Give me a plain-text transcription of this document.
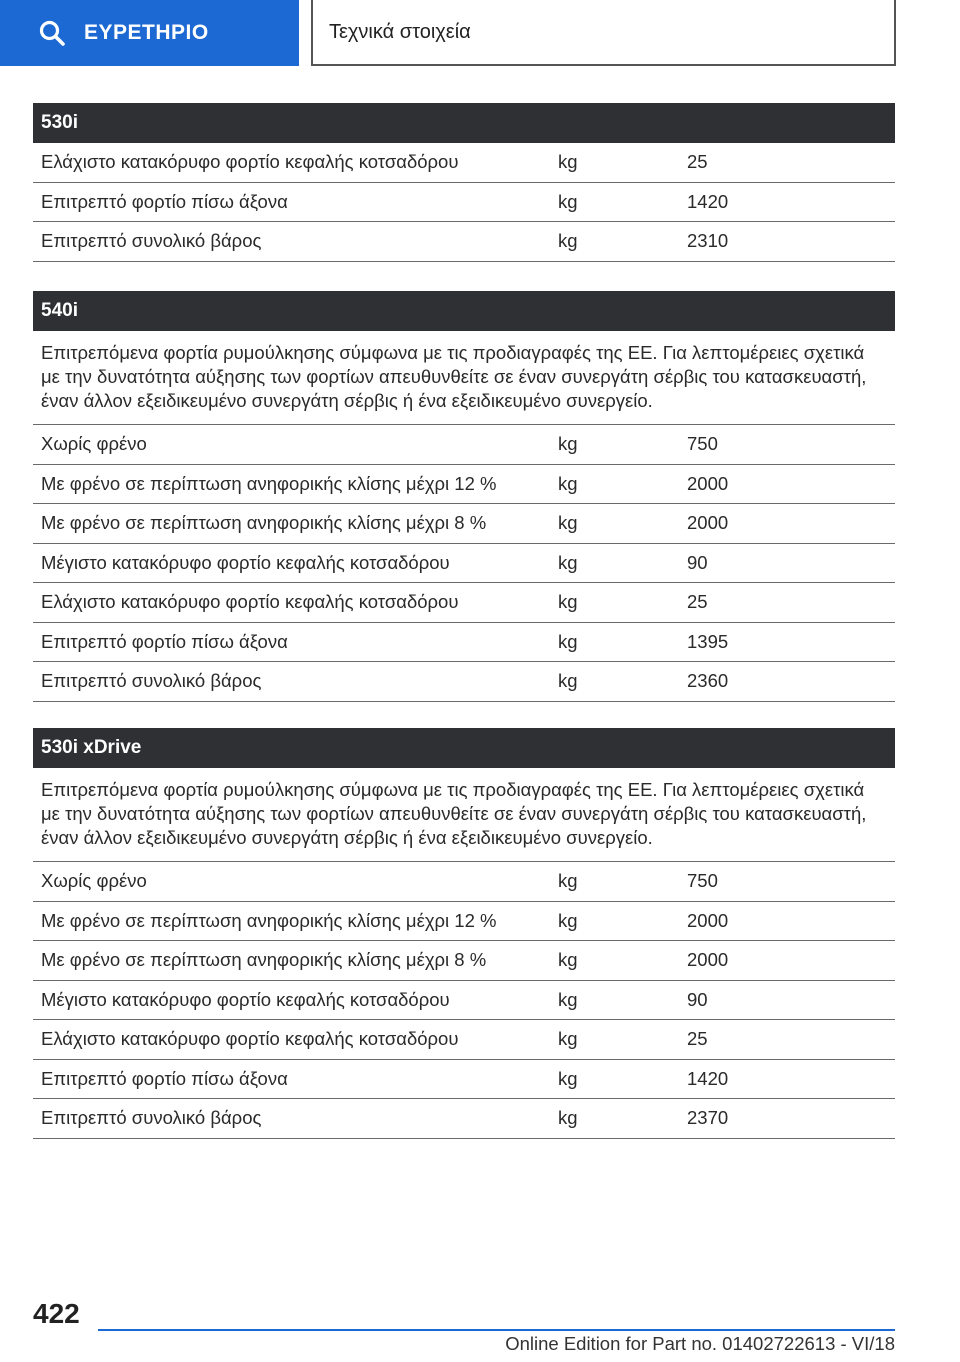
ΕΥΡΕΤΗΡΙΟ	Τεχνικά στοιχεία
530i
Ελάχιστο κατακόρυφο φορτίο κεφαλής κοτσαδόρου	kg	25
Επιτρεπτό φορτίο πίσω άξονα	kg	1420
Επιτρεπτό συνολικό βάρος	kg	2310
540i
Επιτρεπόμενα φορτία ρυμούλκησης σύμφωνα με τις προδιαγραφές της ΕΕ. Για λεπτομέρειες σχετικά με την δυνατότητα αύξησης των φορτίων απευθυνθείτε σε έναν συνεργάτη σέρβις του κατασκευαστή, έναν άλλον εξειδικευμένο συνεργάτη σέρβις ή ένα εξειδικευμένο συνεργείο.
Χωρίς φρένο	kg	750
Με φρένο σε περίπτωση ανηφορικής κλίσης μέχρι 12 %	kg	2000
Με φρένο σε περίπτωση ανηφορικής κλίσης μέχρι 8 %	kg	2000
Μέγιστο κατακόρυφο φορτίο κεφαλής κοτσαδόρου	kg	90
Ελάχιστο κατακόρυφο φορτίο κεφαλής κοτσαδόρου	kg	25
Επιτρεπτό φορτίο πίσω άξονα	kg	1395
Επιτρεπτό συνολικό βάρος	kg	2360
530i xDrive
Επιτρεπόμενα φορτία ρυμούλκησης σύμφωνα με τις προδιαγραφές της ΕΕ. Για λεπτομέρειες σχετικά με την δυνατότητα αύξησης των φορτίων απευθυνθείτε σε έναν συνεργάτη σέρβις του κατασκευαστή, έναν άλλον εξειδικευμένο συνεργάτη σέρβις ή ένα εξειδικευμένο συνεργείο.
Χωρίς φρένο	kg	750
Με φρένο σε περίπτωση ανηφορικής κλίσης μέχρι 12 %	kg	2000
Με φρένο σε περίπτωση ανηφορικής κλίσης μέχρι 8 %	kg	2000
Μέγιστο κατακόρυφο φορτίο κεφαλής κοτσαδόρου	kg	90
Ελάχιστο κατακόρυφο φορτίο κεφαλής κοτσαδόρου	kg	25
Επιτρεπτό φορτίο πίσω άξονα	kg	1420
Επιτρεπτό συνολικό βάρος	kg	2370
422
Online Edition for Part no. 01402722613 - VI/18
